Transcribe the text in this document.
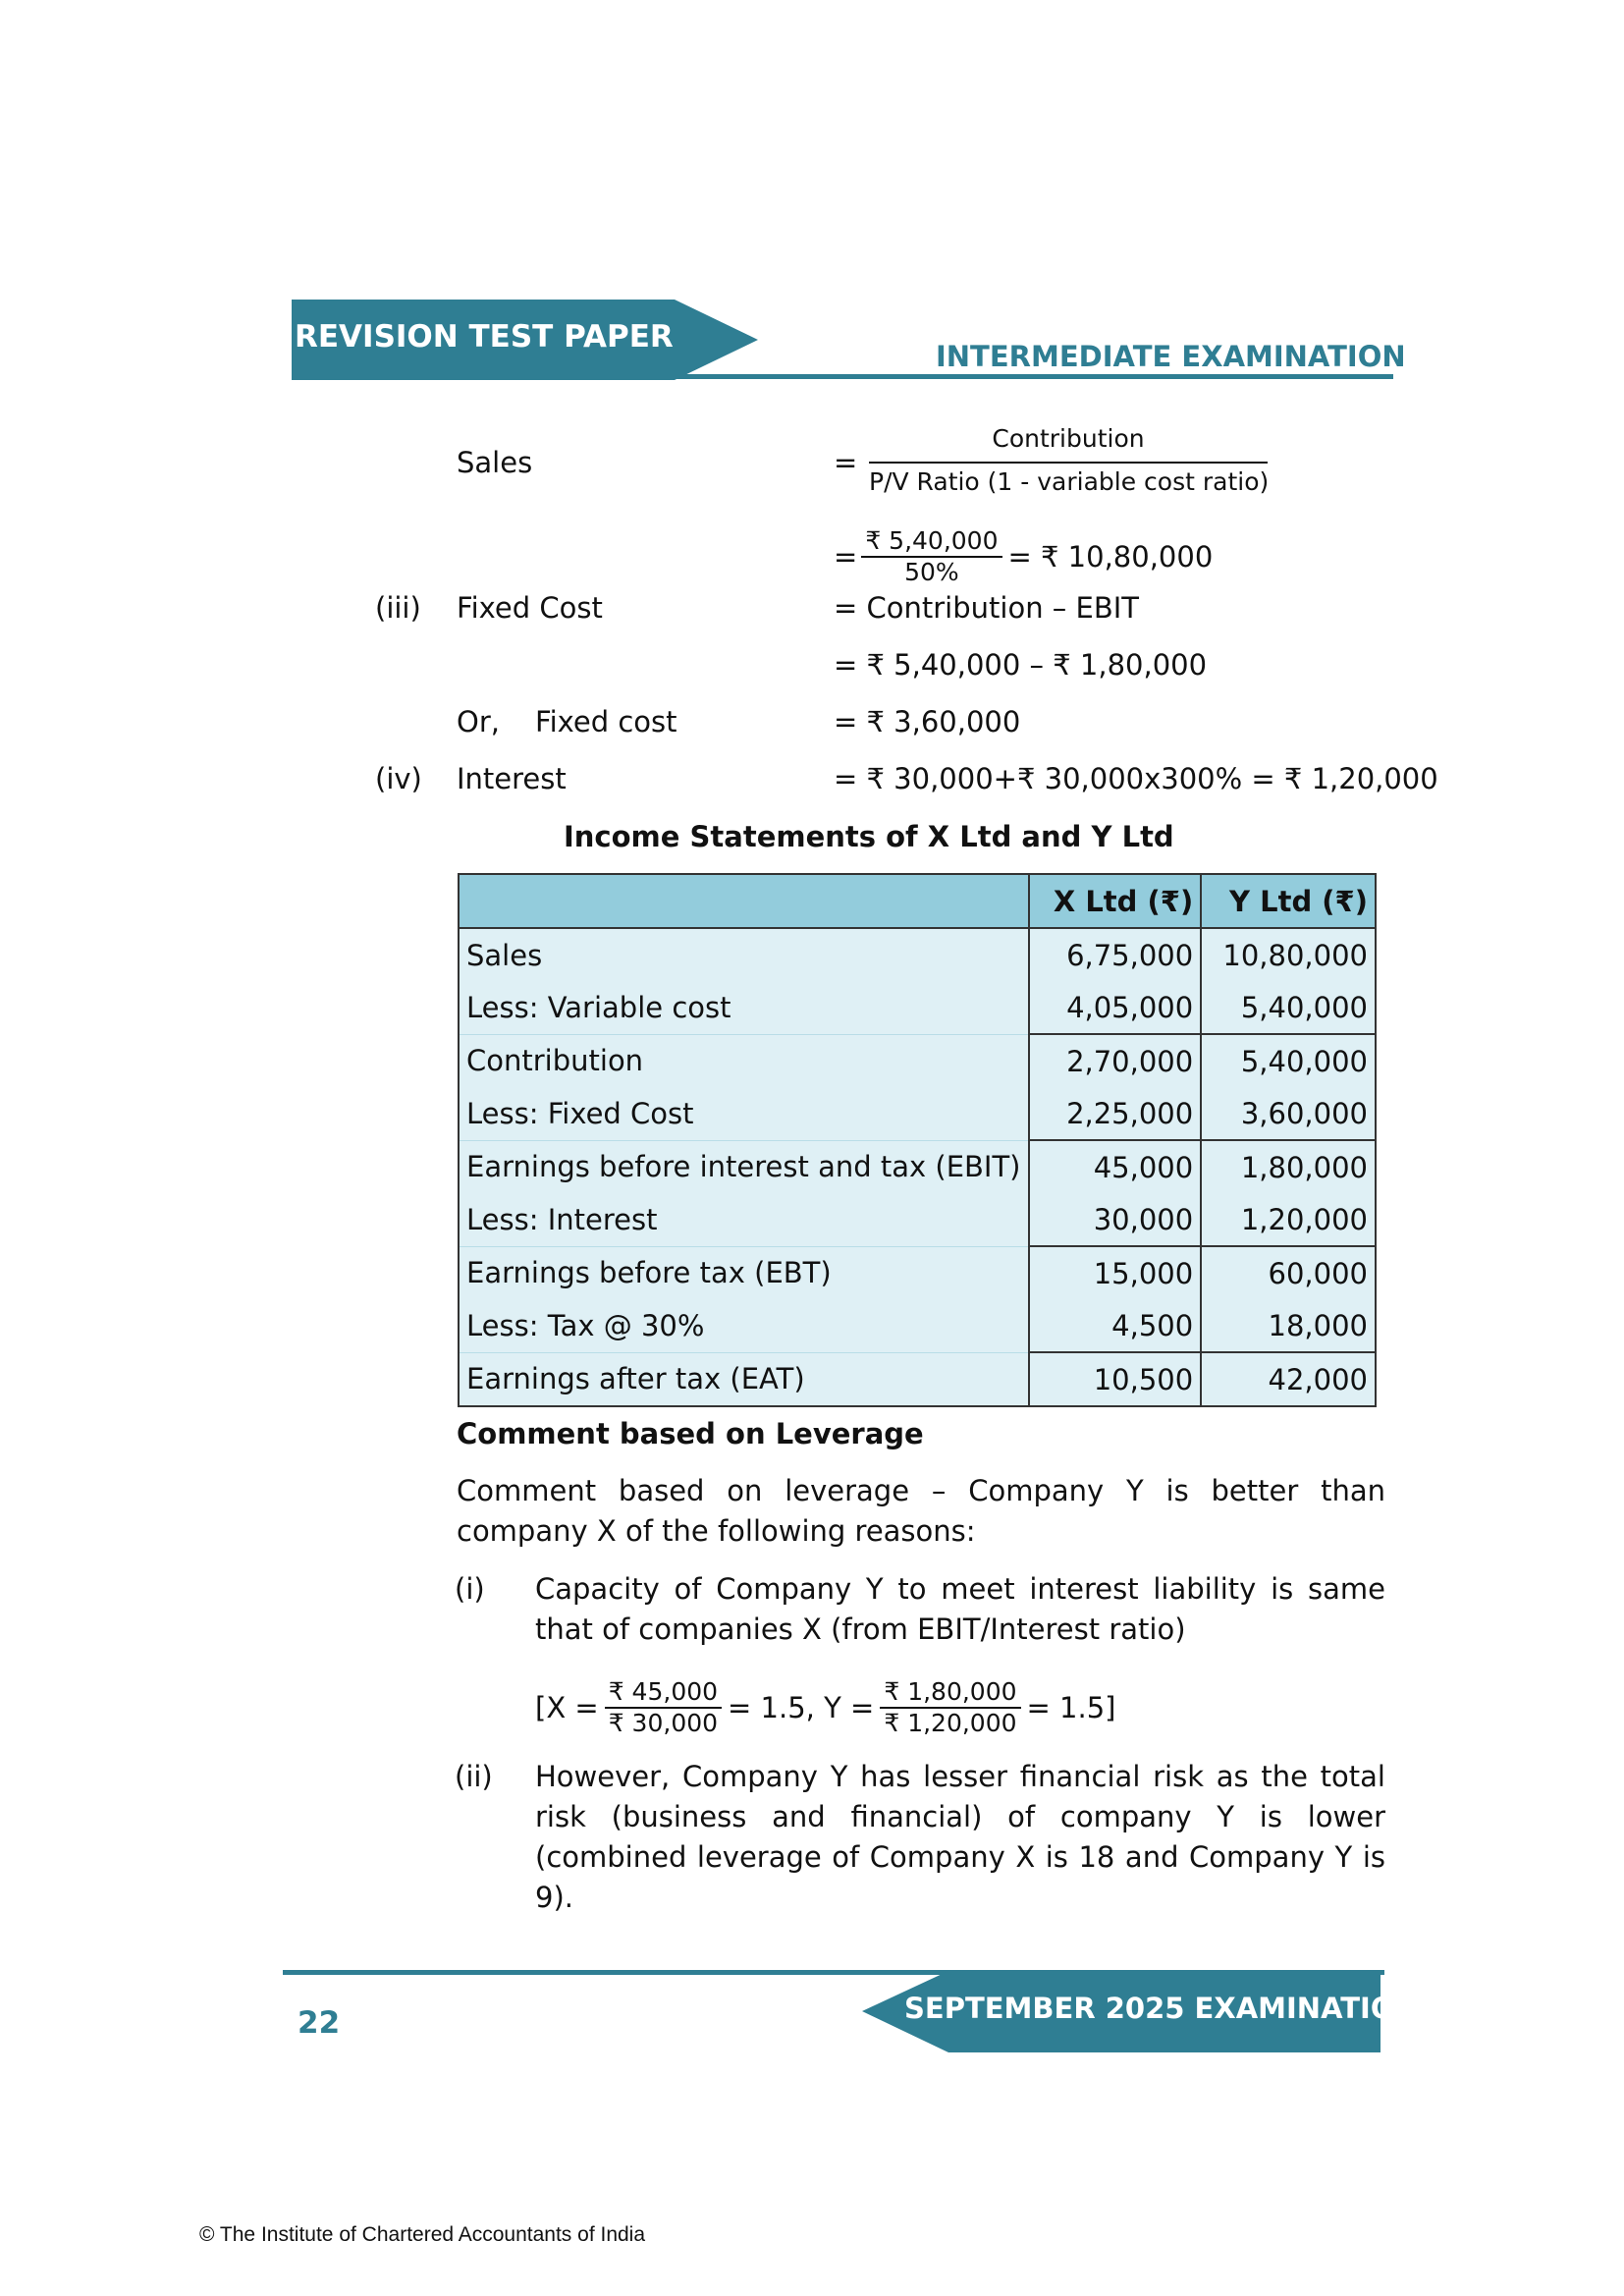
REVISION TEST PAPER
INTERMEDIATE EXAMINATION
Sales	=
Contribution
P/V Ratio (1 - variable cost ratio)
= $\frac{₹ 5,40,000}{50\%}$ = ₹ 10,80,000
(iii) Fixed Cost	= Contribution – EBIT
= ₹ 5,40,000 – ₹ 1,80,000
Or, Fixed cost	= ₹ 3,60,000
(iv) Interest	= ₹ 30,000+₹ 30,000x300% = ₹ 1,20,000
Income Statements of X Ltd and Y Ltd
	X Ltd (₹)	Y Ltd (₹)
Sales	6,75,000	10,80,000
Less: Variable cost	4,05,000	5,40,000
Contribution	2,70,000	5,40,000
Less: Fixed Cost	2,25,000	3,60,000
Earnings before interest and tax (EBIT)	45,000	1,80,000
Less: Interest	30,000	1,20,000
Earnings before tax (EBT)	15,000	60,000
Less: Tax @ 30%	4,500	18,000
Earnings after tax (EAT)	10,500	42,000
Comment based on Leverage
Comment based on leverage – Company Y is better than company X of the following reasons:
(i) Capacity of Company Y to meet interest liability is same that of companies X (from EBIT/Interest ratio)
[$X = \frac{₹ 45,000}{₹ 30,000} = 1.5$, $Y = \frac{₹ 1,80,000}{₹ 1,20,000} = 1.5$]
(ii) However, Company Y has lesser financial risk as the total risk (business and financial) of company Y is lower (combined leverage of Company X is 18 and Company Y is 9).
SEPTEMBER 2025 EXAMINATION
22
© The Institute of Chartered Accountants of India
